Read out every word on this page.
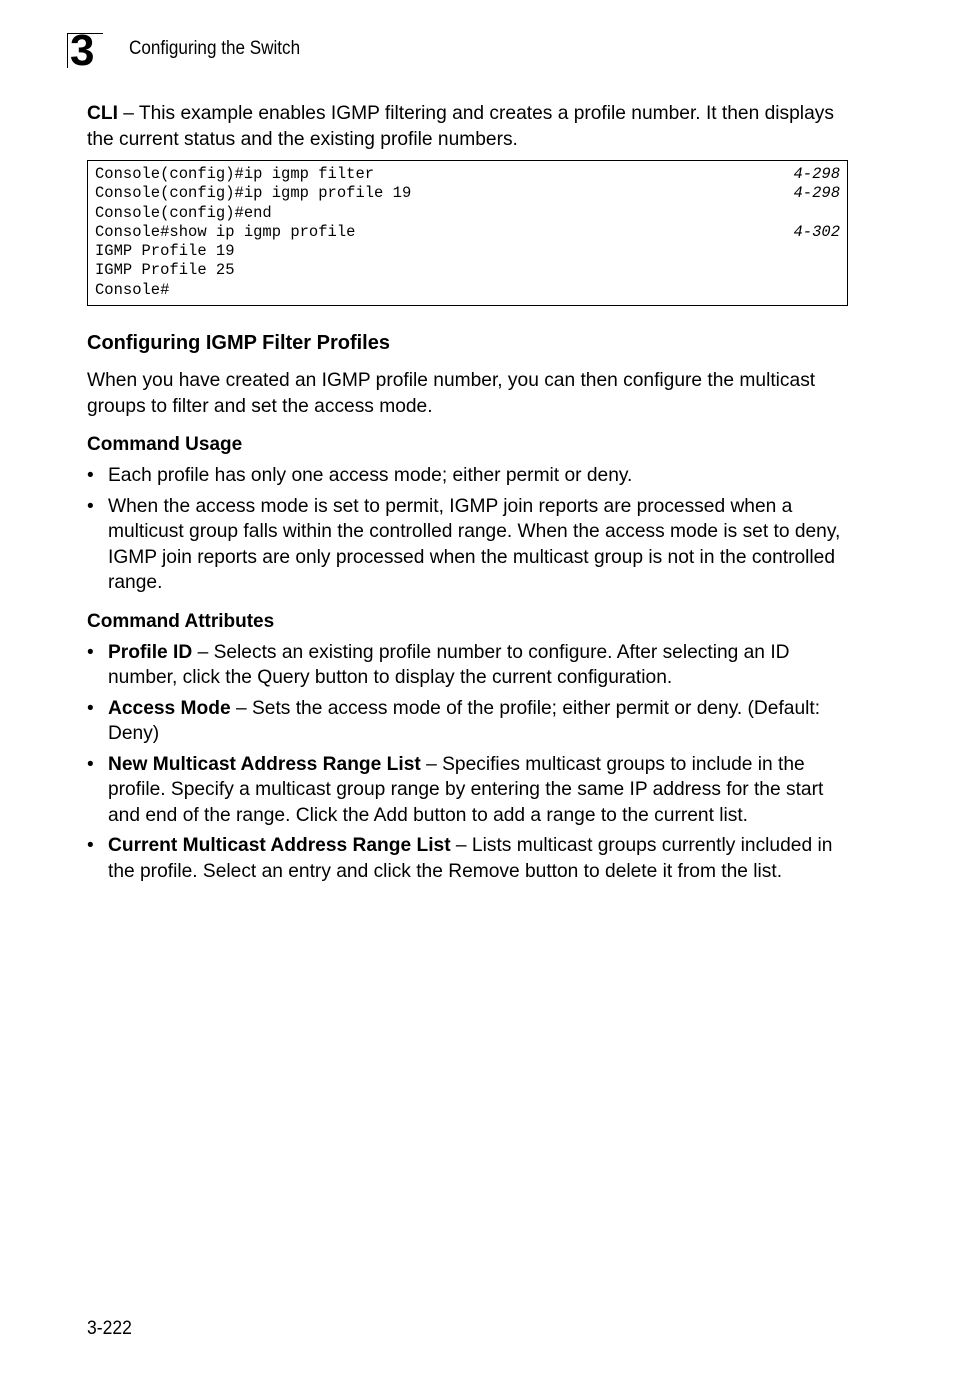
3 Configuring the Switch

CLI – This example enables IGMP filtering and creates a profile number. It then displays the current status and the existing profile numbers.

Console(config)#ip igmp filter	4-298
Console(config)#ip igmp profile 19	4-298
Console(config)#end
Console#show ip igmp profile	4-302
IGMP Profile 19
IGMP Profile 25
Console#
Configuring IGMP Filter Profiles

When you have created an IGMP profile number, you can then configure the multicast groups to filter and set the access mode.

Command Usage
• Each profile has only one access mode; either permit or deny.
• When the access mode is set to permit, IGMP join reports are processed when a multicust group falls within the controlled range. When the access mode is set to deny, IGMP join reports are only processed when the multicast group is not in the controlled range.
Command Attributes
• Profile ID – Selects an existing profile number to configure. After selecting an ID number, click the Query button to display the current configuration.
• Access Mode – Sets the access mode of the profile; either permit or deny. (Default: Deny)
• New Multicast Address Range List – Specifies multicast groups to include in the profile. Specify a multicast group range by entering the same IP address for the start and end of the range. Click the Add button to add a range to the current list.
• Current Multicast Address Range List – Lists multicast groups currently included in the profile. Select an entry and click the Remove button to delete it from the list.
3-222
